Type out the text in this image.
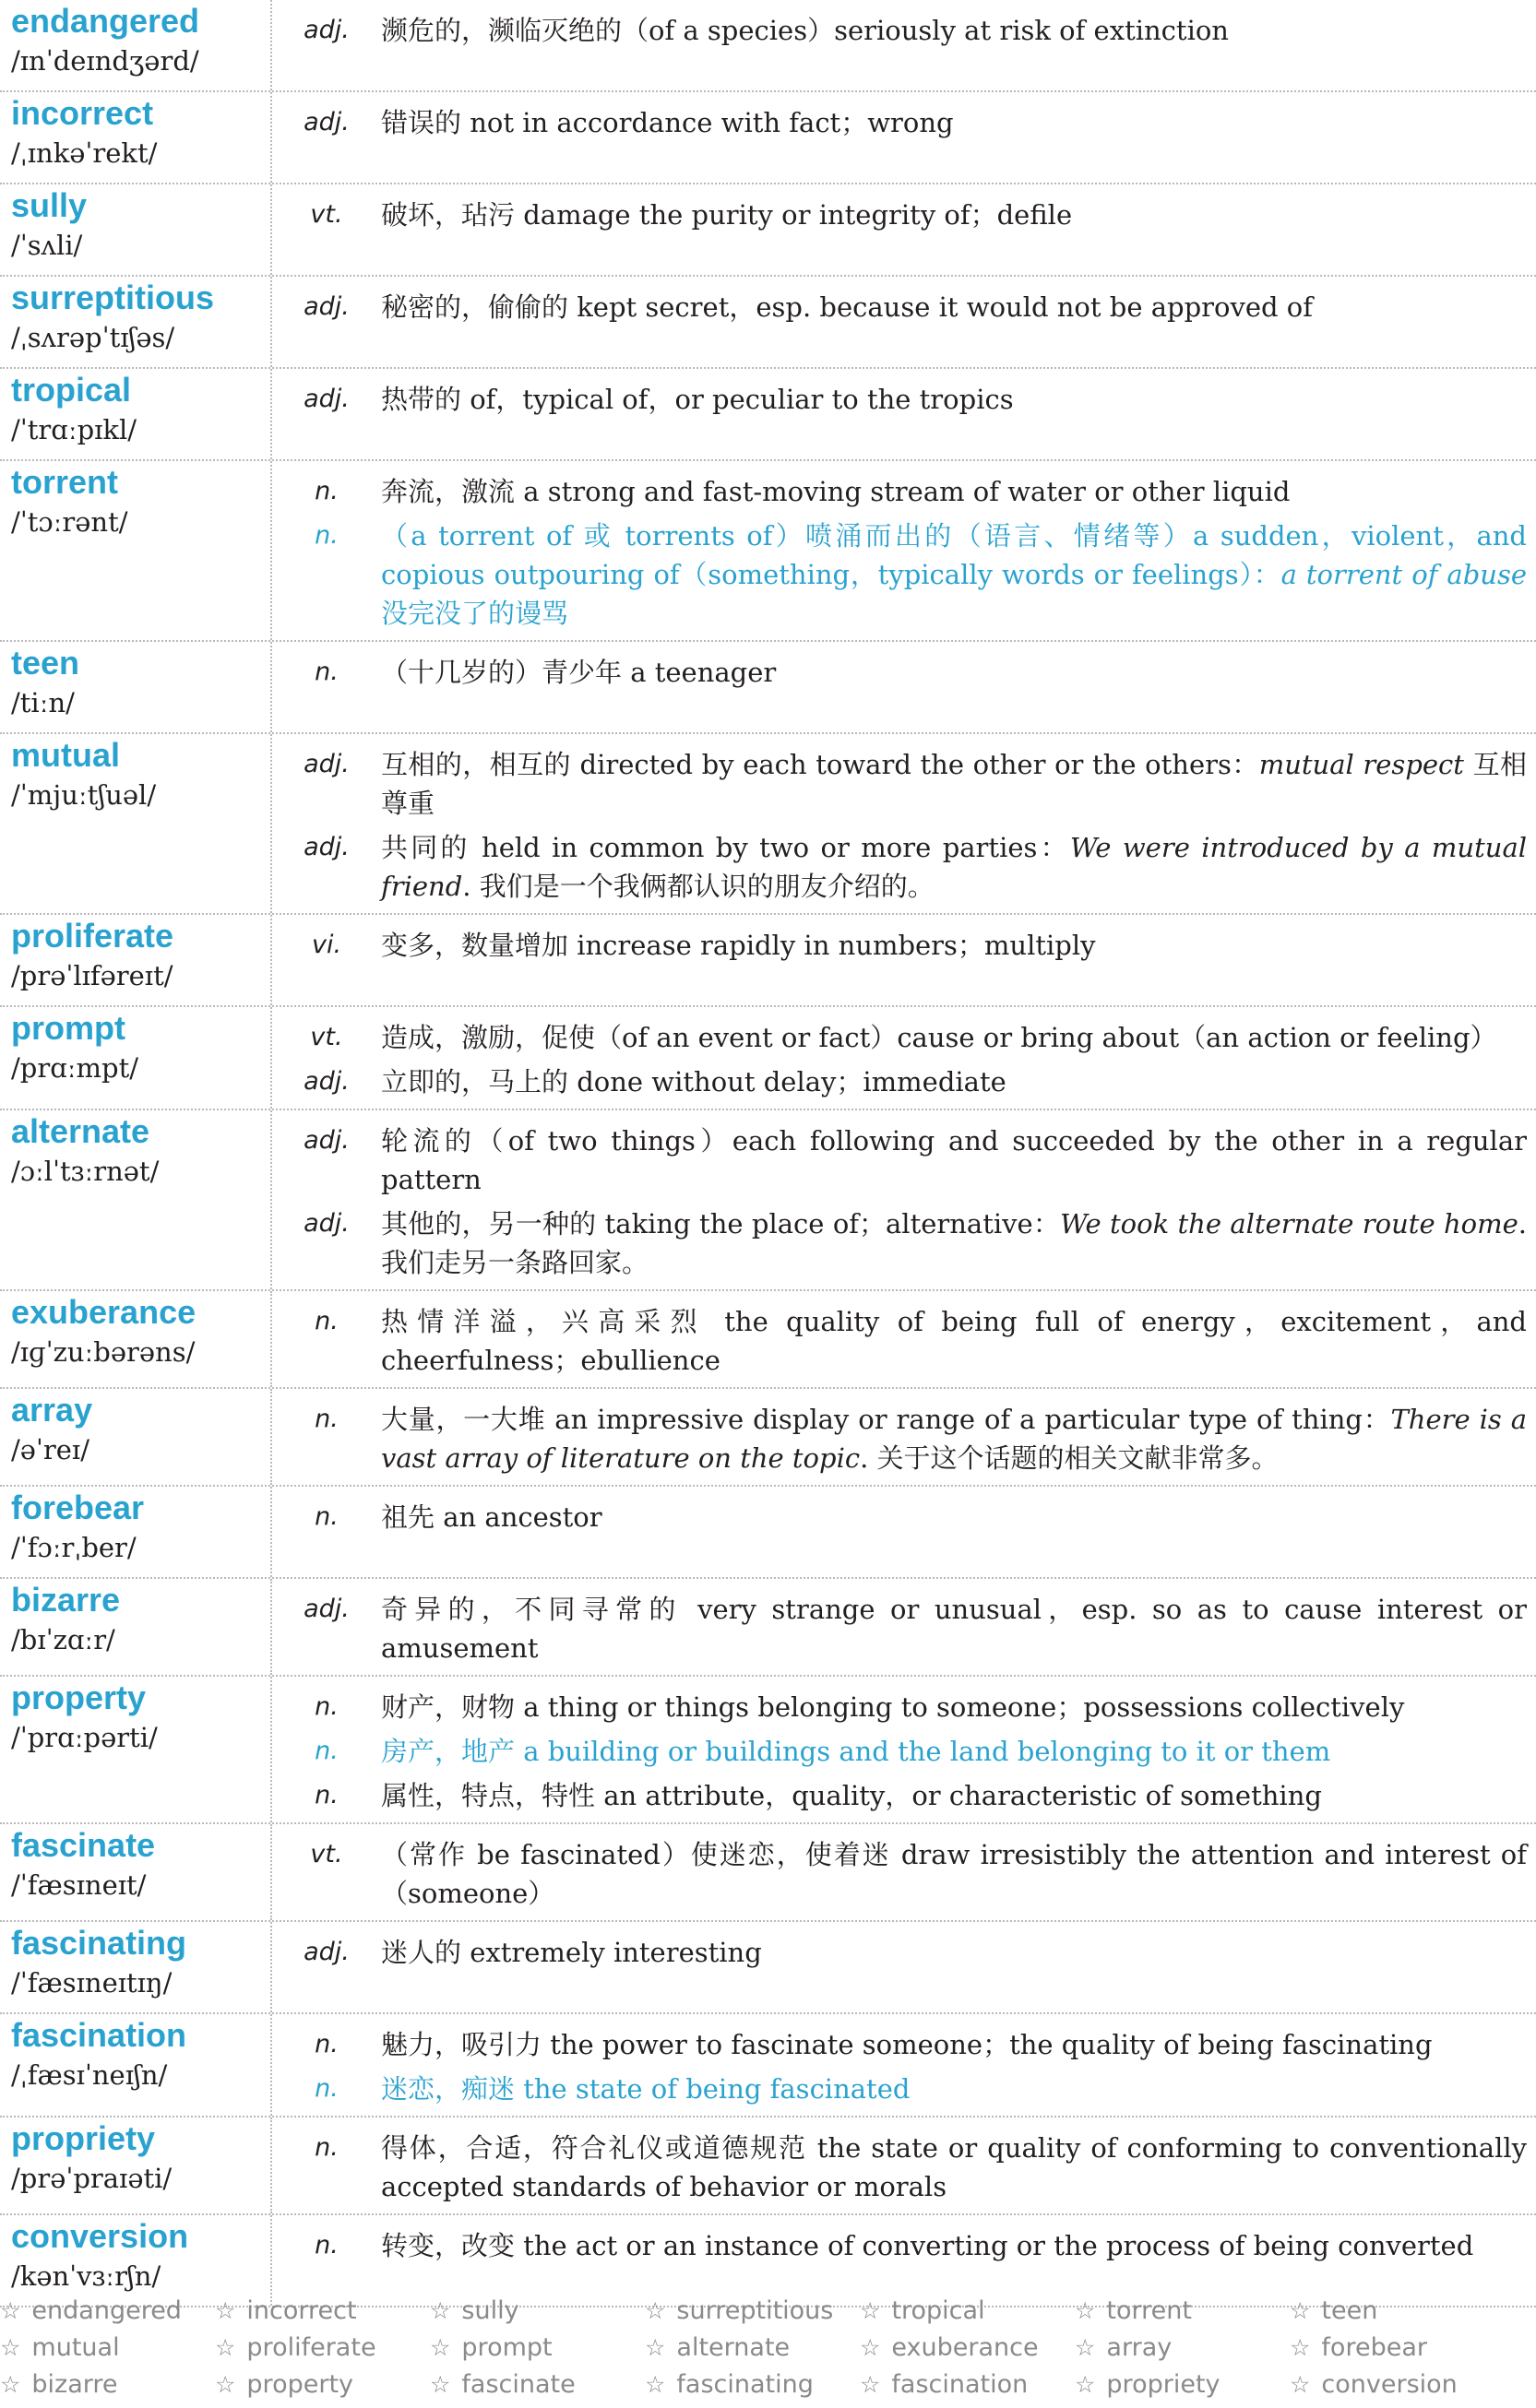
endangered
/ɪnˈdeɪndʒərd/
adj.	濒危的，濒临灭绝的（of a species）seriously at risk of extinction
incorrect
/ˌɪnkəˈrekt/
adj.	错误的 not in accordance with fact；wrong
sully
/ˈsʌli/
vt.	破坏，玷污 damage the purity or integrity of；defile
surreptitious
/ˌsʌrəpˈtɪʃəs/
adj.	秘密的，偷偷的 kept secret，esp. because it would not be approved of
tropical
/ˈtrɑːpɪkl/
adj.	热带的 of，typical of，or peculiar to the tropics
torrent
/ˈtɔːrənt/
n.	奔流，激流 a strong and fast-moving stream of water or other liquid
n.	（a torrent of 或 torrents of）喷涌而出的（语言、情绪等）a sudden，violent，and copious outpouring of（something，typically words or feelings）：a torrent of abuse 没完没了的谩骂
teen
/tiːn/
n.	（十几岁的）青少年 a teenager
mutual
/ˈmjuːtʃuəl/
adj.	互相的，相互的 directed by each toward the other or the others：mutual respect 互相尊重
adj.	共同的 held in common by two or more parties：We were introduced by a mutual friend. 我们是一个我俩都认识的朋友介绍的。
proliferate
/prəˈlɪfəreɪt/
vi.	变多，数量增加 increase rapidly in numbers；multiply
prompt
/prɑːmpt/
vt.	造成，激励，促使（of an event or fact）cause or bring about（an action or feeling）
adj.	立即的，马上的 done without delay；immediate
alternate
/ɔːlˈtɜːrnət/
adj.	轮流的（of two things）each following and succeeded by the other in a regular pattern
adj.	其他的，另一种的 taking the place of；alternative：We took the alternate route home. 我们走另一条路回家。
exuberance
/ɪɡˈzuːbərəns/
n.	热情洋溢，兴高采烈 the quality of being full of energy，excitement，and cheerfulness；ebullience
array
/əˈreɪ/
n.	大量，一大堆 an impressive display or range of a particular type of thing：There is a vast array of literature on the topic. 关于这个话题的相关文献非常多。
forebear
/ˈfɔːrˌber/
n.	祖先 an ancestor
bizarre
/bɪˈzɑːr/
adj.	奇异的，不同寻常的 very strange or unusual，esp. so as to cause interest or amusement
property
/ˈprɑːpərti/
n.	财产，财物 a thing or things belonging to someone；possessions collectively
n.	房产，地产 a building or buildings and the land belonging to it or them
n.	属性，特点，特性 an attribute，quality，or characteristic of something
fascinate
/ˈfæsɪneɪt/
vt.	（常作 be fascinated）使迷恋，使着迷 draw irresistibly the attention and interest of（someone）
fascinating
/ˈfæsɪneɪtɪŋ/
adj.	迷人的 extremely interesting
fascination
/ˌfæsɪˈneɪʃn/
n.	魅力，吸引力 the power to fascinate someone；the quality of being fascinating
n.	迷恋，痴迷 the state of being fascinated
propriety
/prəˈpraɪəti/
n.	得体，合适，符合礼仪或道德规范 the state or quality of conforming to conventionally accepted standards of behavior or morals
conversion
/kənˈvɜːrʃn/
n.	转变，改变 the act or an instance of converting or the process of being converted
☆ endangered	☆ incorrect	☆ sully	☆ surreptitious	☆ tropical	☆ torrent	☆ teen
☆ mutual	☆ proliferate	☆ prompt	☆ alternate	☆ exuberance	☆ array	☆ forebear
☆ bizarre	☆ property	☆ fascinate	☆ fascinating	☆ fascination	☆ propriety	☆ conversion
